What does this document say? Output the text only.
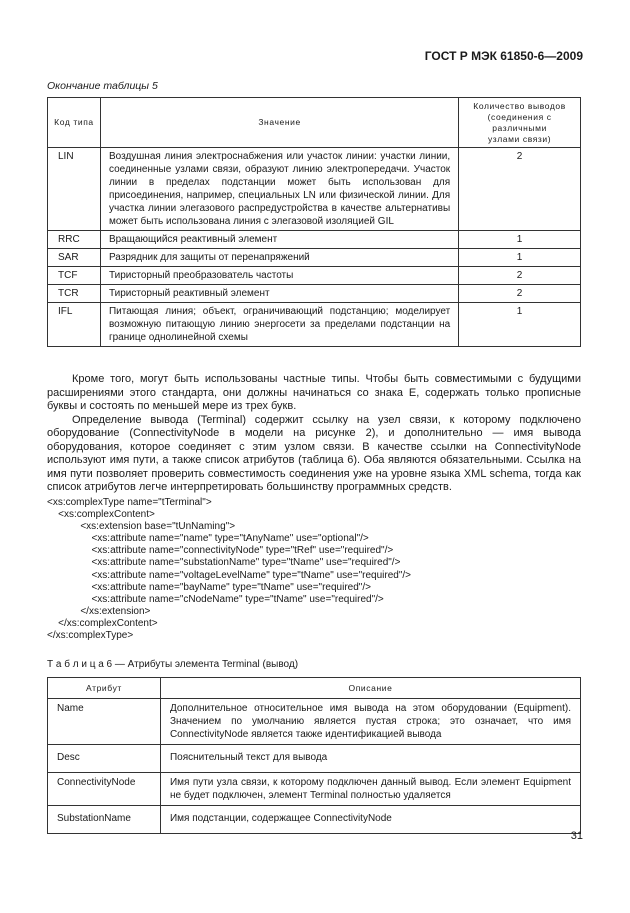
ГОСТ Р МЭК 61850-6—2009
Окончание таблицы 5
Код типа	Значение	Количество выводов
(соединения с различными
узлами связи)
LIN	Воздушная линия электроснабжения или участок линии: участки линии, соединенные узлами связи, образуют линию электропередачи. Участок линии в пределах подстанции может быть использован для присоединения, например, специальных LN или физической линии. Для участка линии элегазового распредустройства в качестве альтернативы может быть использована линия с элегазовой изоляцией GIL	2
RRC	Вращающийся реактивный элемент	1
SAR	Разрядник для защиты от перенапряжений	1
TCF	Тиристорный преобразователь частоты	2
TCR	Тиристорный реактивный элемент	2
IFL	Питающая линия; объект, ограничивающий подстанцию; моделирует возможную питающую линию энергосети за пределами подстанции на границе однолинейной схемы	1

Кроме того, могут быть использованы частные типы. Чтобы быть совместимыми с будущими расширениями этого стандарта, они должны начинаться со знака Е, содержать только прописные буквы и состоять по меньшей мере из трех букв.

Определение вывода (Terminal) содержит ссылку на узел связи, к которому подключено оборудование (ConnectivityNode в модели на рисунке 2), и дополнительно — имя вывода оборудования, которое соединяет с этим узлом связи. В качестве ссылки на ConnectivityNode используют имя пути, а также список атрибутов (таблица 6). Оба являются обязательными. Ссылка на имя пути позволяет проверить совместимость соединения уже на уровне языка XML schema, тогда как список атрибутов легче интерпретировать большинству программных средств.

<xs:complexType name="tTerminal">
<xs:complexContent>
<xs:extension base="tUnNaming">
<xs:attribute name="name" type="tAnyName" use="optional"/>
<xs:attribute name="connectivityNode" type="tRef" use="required"/>
<xs:attribute name="substationName" type="tName" use="required"/>
<xs:attribute name="voltageLevelName" type="tName" use="required"/>
<xs:attribute name="bayName" type="tName" use="required"/>
<xs:attribute name="cNodeName" type="tName" use="required"/>
</xs:extension>
</xs:complexContent>
</xs:complexType>
Т а б л и ц а 6 — Атрибуты элемента Terminal (вывод)
Атрибут	Описание
Name	Дополнительное относительное имя вывода на этом оборудовании (Equipment). Значением по умолчанию является пустая строка; это означает, что имя ConnectivityNode является также идентификацией вывода
Desc	Пояснительный текст для вывода
ConnectivityNode	Имя пути узла связи, к которому подключен данный вывод. Если элемент Equipment не будет подключен, элемент Terminal полностью удаляется
SubstationName	Имя подстанции, содержащее ConnectivityNode
31
